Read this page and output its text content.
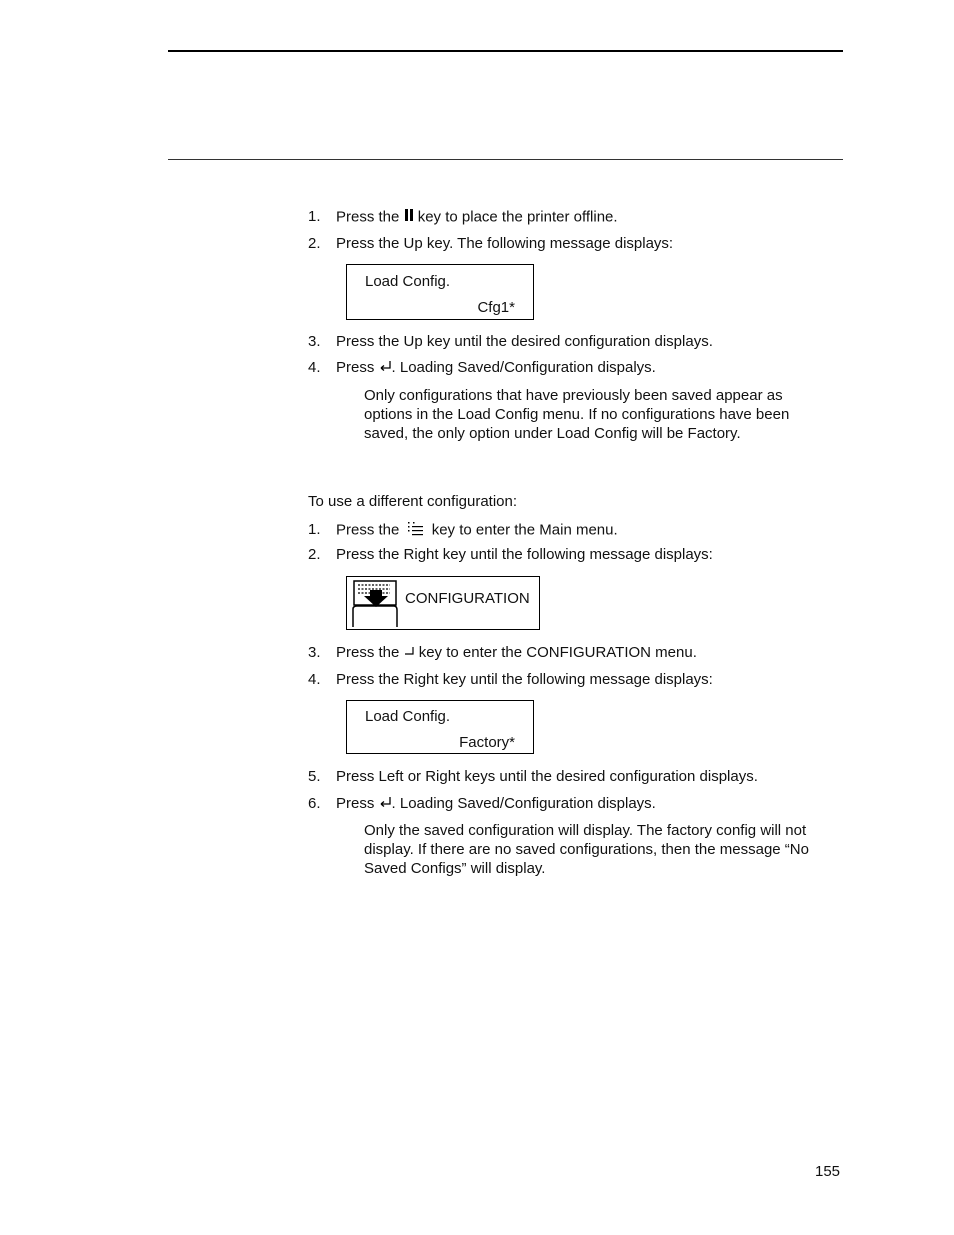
1. Press the key to place the printer offline.
2. Press the Up key. The following message displays:
Load Config.
Cfg1*
3. Press the Up key until the desired configuration displays.
4. Press . Loading Saved/Configuration dispalys.
Only configurations that have previously been saved appear as
options in the Load Config menu. If no configurations have been
saved, the only option under Load Config will be Factory.
To use a different configuration:
1. Press the key to enter the Main menu.
2. Press the Right key until the following message displays:
CONFIGURATION
3. Press the key to enter the CONFIGURATION menu.
4. Press the Right key until the following message displays:
Load Config.
Factory*
5. Press Left or Right keys until the desired configuration displays.
6. Press . Loading Saved/Configuration displays.
Only the saved configuration will display. The factory config will not
display. If there are no saved configurations, then the message “No
Saved Configs” will display.
155
